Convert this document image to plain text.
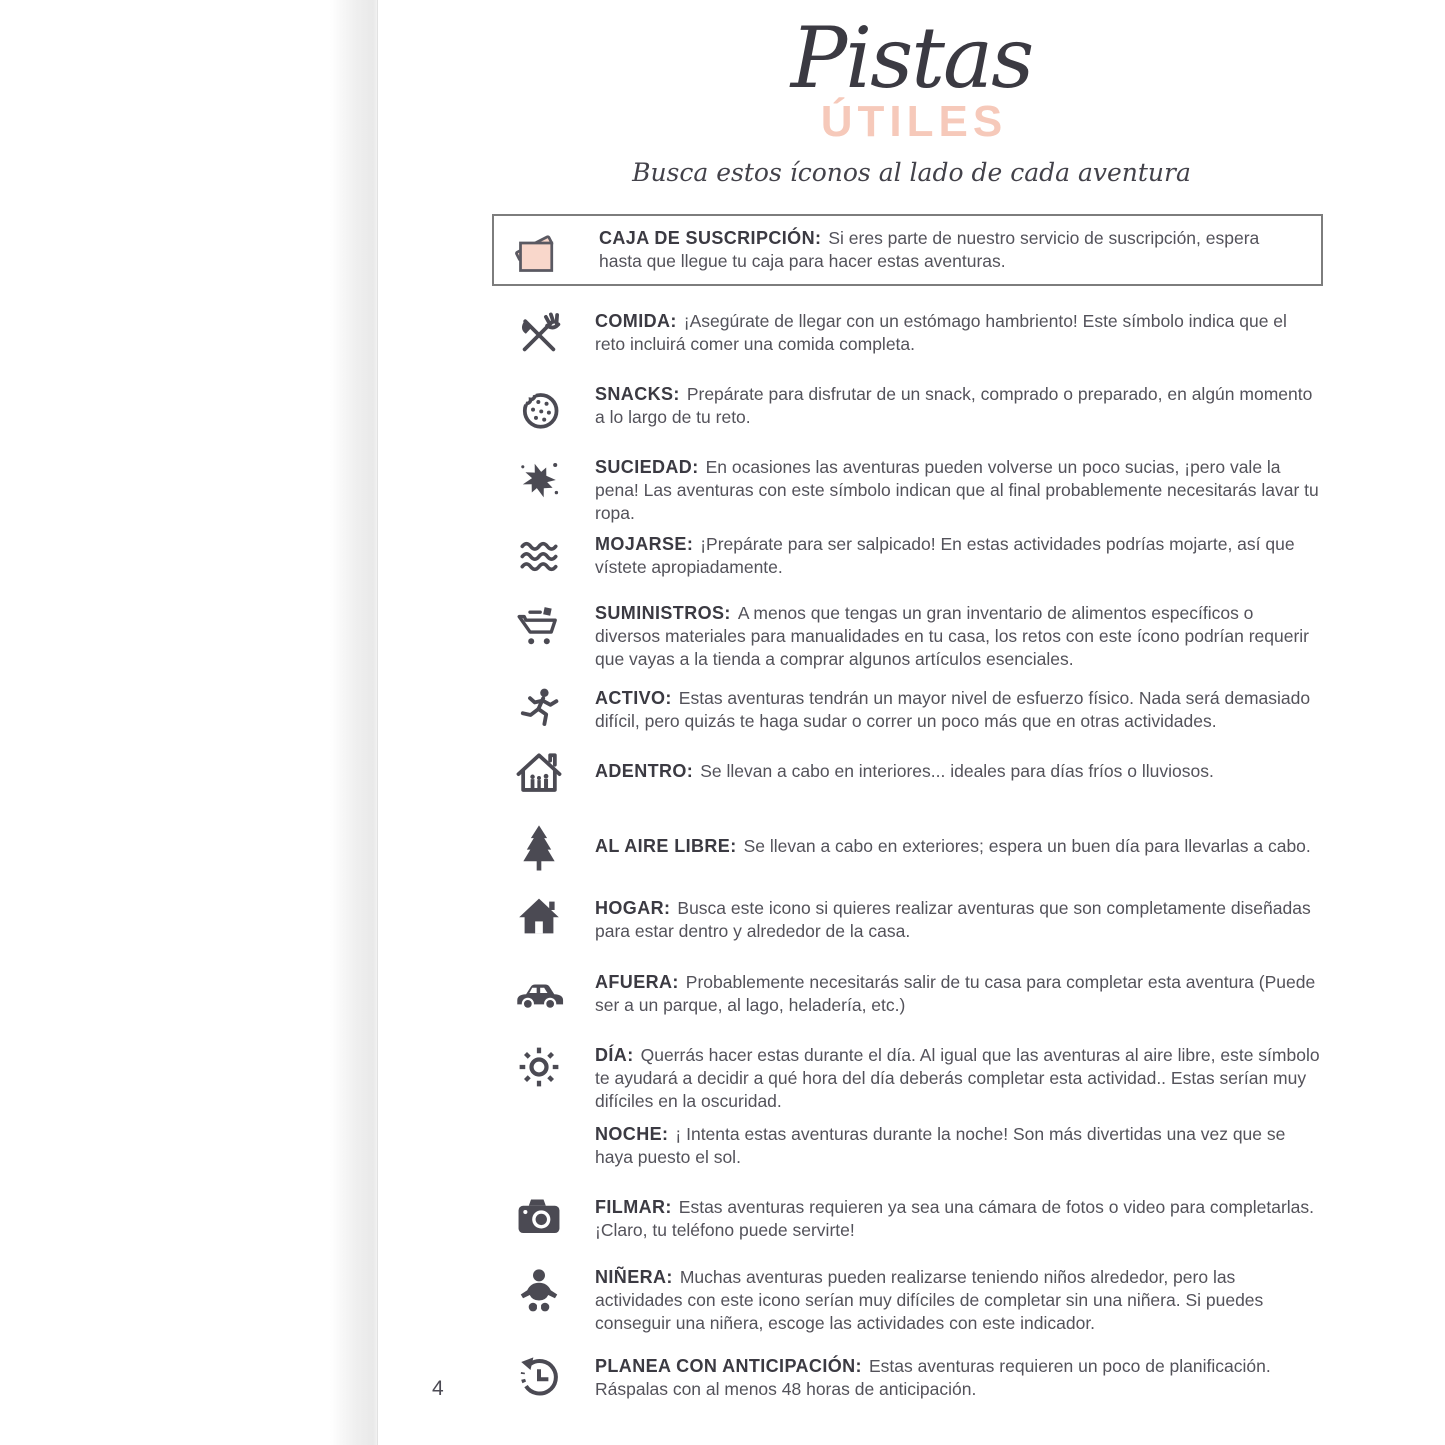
Pistas
ÚTILES
Busca estos íconos al lado de cada aventura
CAJA DE SUSCRIPCIÓN: Si eres parte de nuestro servicio de suscripción, espera hasta que llegue tu caja para hacer estas aventuras.
COMIDA: ¡Asegúrate de llegar con un estómago hambriento! Este símbolo indica que el reto incluirá comer una comida completa.
SNACKS: Prepárate para disfrutar de un snack, comprado o preparado, en algún momento a lo largo de tu reto.
SUCIEDAD: En ocasiones las aventuras pueden volverse un poco sucias, ¡pero vale la pena! Las aventuras con este símbolo indican que al final probablemente necesitarás lavar tu ropa.
MOJARSE: ¡Prepárate para ser salpicado! En estas actividades podrías mojarte, así que vístete apropiadamente.
SUMINISTROS: A menos que tengas un gran inventario de alimentos específicos o diversos materiales para manualidades en tu casa, los retos con este ícono podrían requerir que vayas a la tienda a comprar algunos artículos esenciales.
ACTIVO: Estas aventuras tendrán un mayor nivel de esfuerzo físico. Nada será demasiado difícil, pero quizás te haga sudar o correr un poco más que en otras actividades.
ADENTRO: Se llevan a cabo en interiores... ideales para días fríos o lluviosos.
AL AIRE LIBRE: Se llevan a cabo en exteriores; espera un buen día para llevarlas a cabo.
HOGAR: Busca este icono si quieres realizar aventuras que son completamente diseñadas para estar dentro y alrededor de la casa.
AFUERA: Probablemente necesitarás salir de tu casa para completar esta aventura (Puede ser a un parque, al lago, heladería, etc.)
DÍA: Querrás hacer estas durante el día. Al igual que las aventuras al aire libre, este símbolo te ayudará a decidir a qué hora del día deberás completar esta actividad.. Estas serían muy difíciles en la oscuridad.
NOCHE: ¡ Intenta estas aventuras durante la noche! Son más divertidas una vez que se haya puesto el sol.
FILMAR: Estas aventuras requieren ya sea una cámara de fotos o video para completarlas. ¡Claro, tu teléfono puede servirte!
NIÑERA: Muchas aventuras pueden realizarse teniendo niños alrededor, pero las actividades con este icono serían muy difíciles de completar sin una niñera. Si puedes conseguir una niñera, escoge las actividades con este indicador.
PLANEA CON ANTICIPACIÓN: Estas aventuras requieren un poco de planificación. Ráspalas con al menos 48 horas de anticipación.
4
